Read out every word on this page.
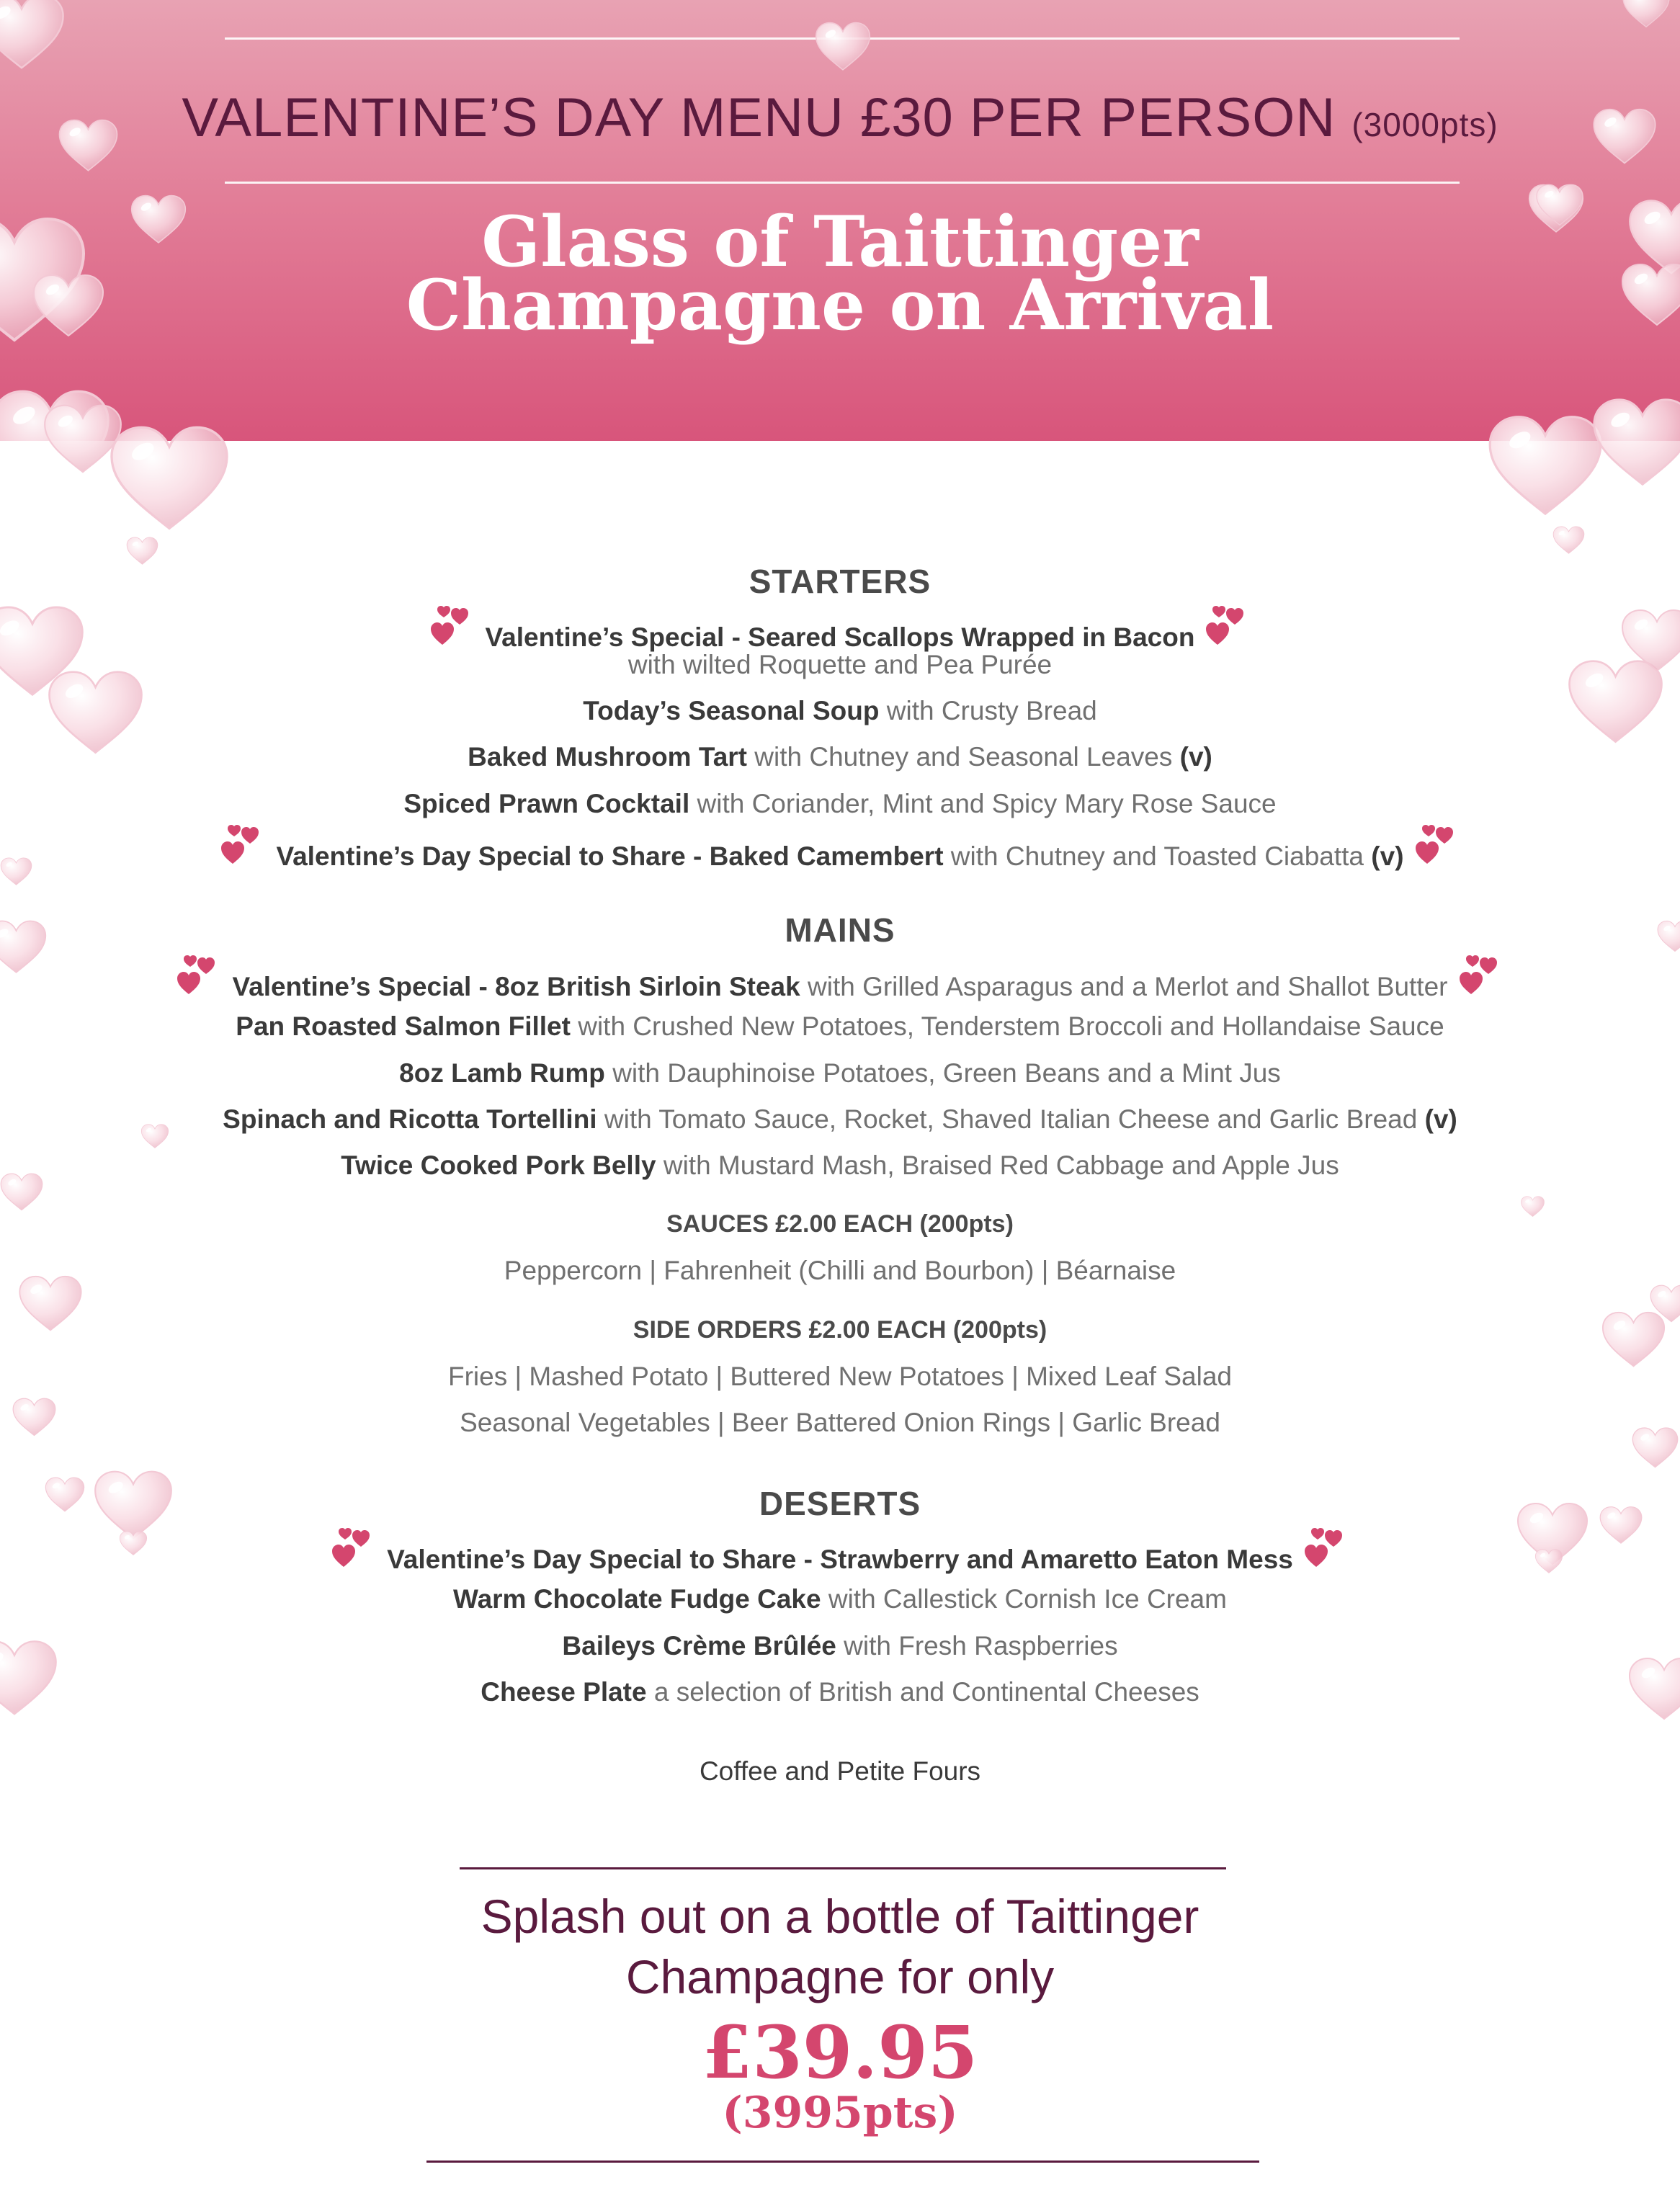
VALENTINE’S DAY MENU £30 PER PERSON (3000pts)
Glass of Taittinger
Champagne on Arrival
STARTERS
Valentine’s Special - Seared Scallops Wrapped in Bacon
with wilted Roquette and Pea Purée
Today’s Seasonal Soup with Crusty Bread
Baked Mushroom Tart with Chutney and Seasonal Leaves (v)
Spiced Prawn Cocktail with Coriander, Mint and Spicy Mary Rose Sauce
Valentine’s Day Special to Share - Baked Camembert with Chutney and Toasted Ciabatta (v)
MAINS
Valentine’s Special - 8oz British Sirloin Steak with Grilled Asparagus and a Merlot and Shallot Butter
Pan Roasted Salmon Fillet with Crushed New Potatoes, Tenderstem Broccoli and Hollandaise Sauce
8oz Lamb Rump with Dauphinoise Potatoes, Green Beans and a Mint Jus
Spinach and Ricotta Tortellini with Tomato Sauce, Rocket, Shaved Italian Cheese and Garlic Bread (v)
Twice Cooked Pork Belly with Mustard Mash, Braised Red Cabbage and Apple Jus
SAUCES £2.00 EACH (200pts)
Peppercorn | Fahrenheit (Chilli and Bourbon) | Béarnaise
SIDE ORDERS £2.00 EACH (200pts)
Fries | Mashed Potato | Buttered New Potatoes | Mixed Leaf Salad
Seasonal Vegetables | Beer Battered Onion Rings | Garlic Bread
DESERTS
Valentine’s Day Special to Share - Strawberry and Amaretto Eaton Mess
Warm Chocolate Fudge Cake with Callestick Cornish Ice Cream
Baileys Crème Brûlée with Fresh Raspberries
Cheese Plate a selection of British and Continental Cheeses
Coffee and Petite Fours
Splash out on a bottle of Taittinger
Champagne for only
£39.95
(3995pts)
